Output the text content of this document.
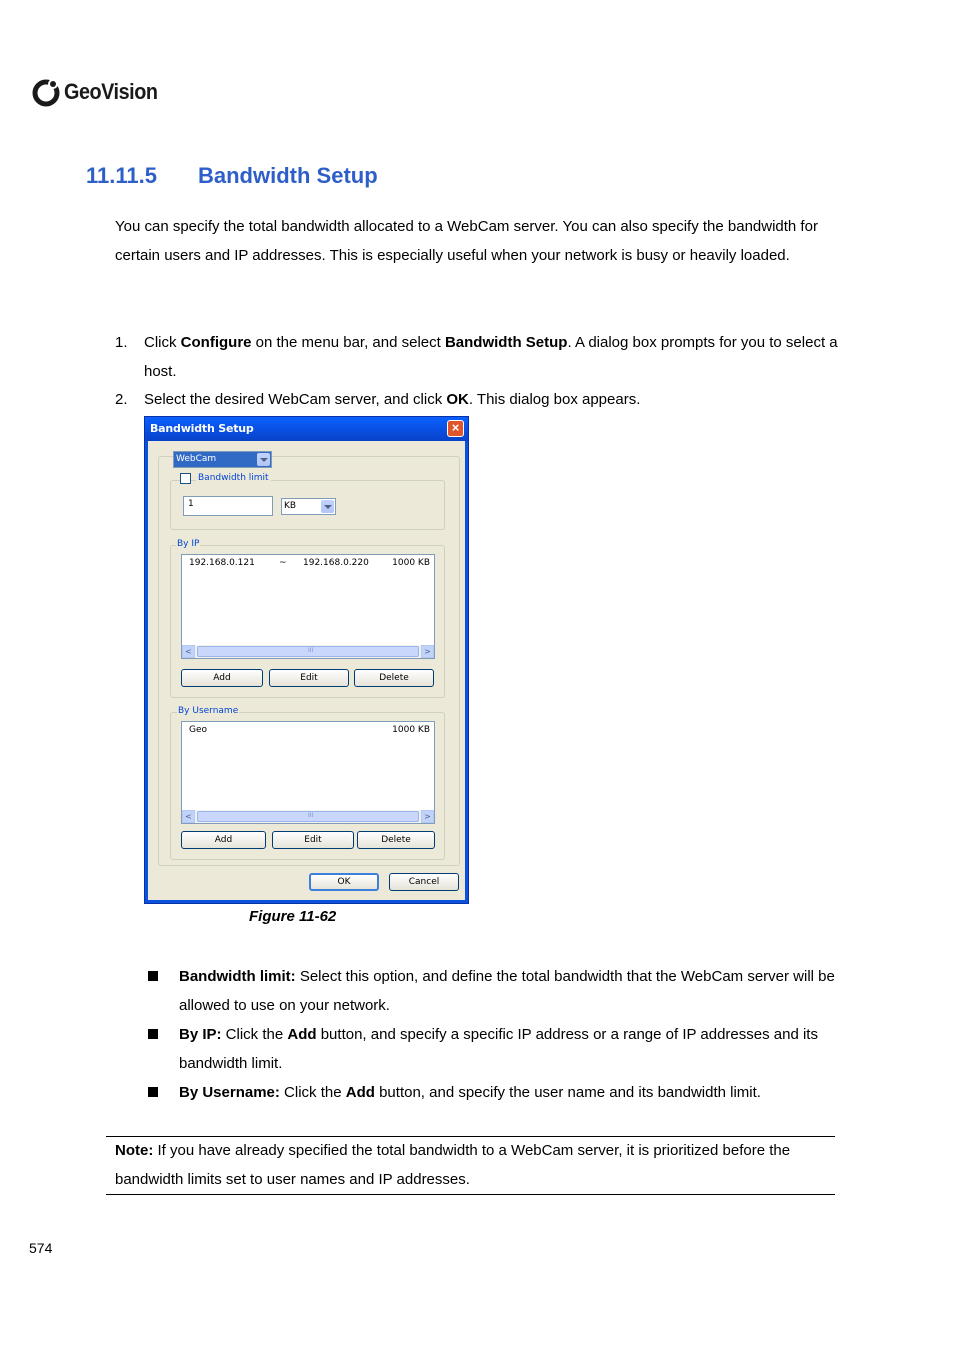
GeoVision
11.11.5 Bandwidth Setup
You can specify the total bandwidth allocated to a WebCam server. You can also specify the bandwidth for certain users and IP addresses. This is especially useful when your network is busy or heavily loaded.
1. Click Configure on the menu bar, and select Bandwidth Setup. A dialog box prompts for you to select a host.
2. Select the desired WebCam server, and click OK. This dialog box appears.
Bandwidth Setup	×
WebCam
Bandwidth limit
1	KB
By IP
192.168.0.121	~ 192.168.0.220	1000 KB
<	III	>
Add	Edit	Delete
By Username
Geo	1000 KB
<	III	>
Add	Edit	Delete
OK	Cancel
Figure 11-62
Bandwidth limit: Select this option, and define the total bandwidth that the WebCam server will be allowed to use on your network.
By IP: Click the Add button, and specify a specific IP address or a range of IP addresses and its bandwidth limit.
By Username: Click the Add button, and specify the user name and its bandwidth limit.
Note: If you have already specified the total bandwidth to a WebCam server, it is prioritized before the bandwidth limits set to user names and IP addresses.
574
